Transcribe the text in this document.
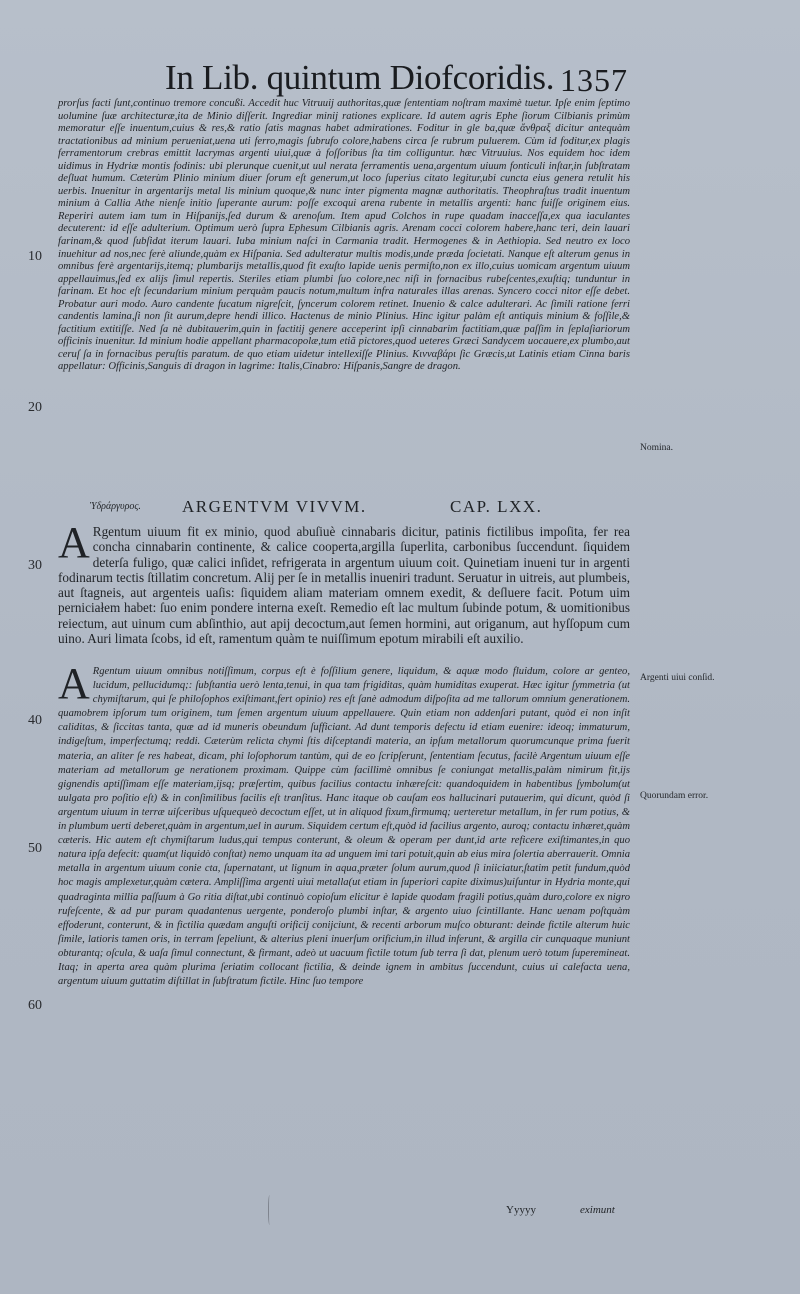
In Lib. quintum Diofcoridis. 1357
10
20
30
40
50
60
prorſus facti ſunt,continuo tremore concußi. Accedit huc Vitruuij authoritas,quæ ſententiam noſtram maximè tuetur. Ipſe enim ſeptimo uolumine ſuæ architecturæ,ita de Minio diſſerit. Ingrediar minij rationes explicare. Id autem agris Ephe ſiorum Cilbianis primùm memoratur eſſe inuentum,cuius & res,& ratio ſatis magnas habet admirationes. Foditur in gle ba,quæ ἄνθραξ dicitur antequàm tractationibus ad minium perueniat,uena uti ferro,magis ſubrufo colore,habens circa ſe rubrum puluerem. Cùm id foditur,ex plagis ferramentorum crebras emittit lacrymas argenti uiui,quæ à foſſoribus ſta tim colliguntur. hæc Vitruuius. Nos equidem hoc idem uidimus in Hydriæ montis fodinis: ubi plerunque cuenit,ut uul nerata ferramentis uena,argentum uiuum fonticuli inſtar,in ſubſtratam deſluat humum. Cæterùm Plinio minium diuer ſorum eſt generum,ut loco ſuperius citato legitur,ubi cuncta eius genera retulit his uerbis. Inuenitur in argentarijs metal lis minium quoque,& nunc inter pigmenta magnæ authoritatis. Theophraſtus tradit inuentum minium à Callia Athe nienſe initio ſuperante aurum: poſſe excoqui arena rubente in metallis argenti: hanc fuiſſe originem eius. Reperiri autem iam tum in Hiſpanijs,ſed durum & arenoſum. Item apud Colchos in rupe quadam inacceſſa,ex qua iaculantes decuterent: id eſſe adulterium. Optimum uerò ſupra Ephesum Cilbianis agris. Arenam cocci colorem habere,hanc teri, dein lauari farinam,& quod ſubſidat iterum lauari. Iuba minium naſci in Carmania tradit. Hermogenes & in Aethiopia. Sed neutro ex loco inuehitur ad nos,nec ferè aliunde,quàm ex Hiſpania. Sed adulteratur multis modis,unde præda ſocietati. Nanque eſt alterum genus in omnibus ferè argentarijs,itemq; plumbarijs metallis,quod fit exuſto lapide uenis permiſto,non ex illo,cuius uomicam argentum uiuum appellauimus,ſed ex alijs ſimul repertis. Steriles etiam plumbi ſuo colore,nec niſi in fornacibus rubeſcentes,exuſtiq; tunduntur in farinam. Et hoc eſt ſecundarium minium perquàm paucis notum,multum infra naturales illas arenas. Syncero cocci nitor eſſe debet. Probatur auri modo. Auro candente fucatum nigreſcit, ſyncerum colorem retinet. Inuenio & calce adulterari. Ac ſimili ratione ferri candentis lamina,ſi non ſit aurum,depre hendi illico. Hactenus de minio Plinius. Hinc igitur palàm eſt antiquis minium & foſſile,& factitium extitiſſe. Ned ſa nè dubitauerim,quin in factitij genere acceperint ipſi cinnabarim factitiam,quæ paſſim in ſeplaſiariorum officinis inuenitur. Id minium hodie appellant pharmacopolæ,tum etiã pictores,quod ueteres Græci Sandycem uocauere,ex plumbo,aut ceruſ ſa in fornacibus peruſtis paratum. de quo etiam uidetur intellexiſſe Plinius. Κινναβάρι ſic Græcis,ut Latinis etiam Cinna baris appellatur: Officinis,Sanguis di dragon in lagrime: Italis,Cinabro: Hiſpanis,Sangre de dragon.
Nomina.
Ὑδράργυρος. ARGENTVM VIVVM.	CAP. LXX.
A Rgentum uiuum fit ex minio, quod abuſiuè cinnabaris dicitur, patinis fictilibus impoſita, fer rea concha cinnabarin continente, & calice coopertа,argilla ſuperlita, carbonibus ſuccendunt. ſiquidem deterſa fuligo, quæ calici inſidet, refrigerata in argentum uiuum coit. Quinetiam inueni tur in argenti fodinarum tectis ſtillatim concretum. Alij per ſe in metallis inueniri tradunt. Seruatur in uitreis, aut plumbeis, aut ſtagneis, aut argenteis uaſis: ſiquidem aliam materiam omnem exedit, & deſluere facit. Potum uim perniciałem habet: ſuo enim pondere interna exeſt. Remedio eſt lac multum ſubinde potum, & uomitionibus reiectum, aut uinum cum abſinthio, aut apij decoctum,aut ſemen hormini, aut origanum, aut hyſſopum cum uino. Auri limata ſcobs, id eſt, ramentum quàm te nuiſſimum epotum mirabili eſt auxilio.
A Rgentum uiuum omnibus notiſſimum, corpus eſt è foſſilium genere, liquidum, & aquæ modo fluidum, colore ar genteo, lucidum, pellucidumq;: ſubſtantia uerò lenta,tenui, in qua tam frigiditas, quàm humiditas exuperat. Hæc igitur ſymmetria (ut chymiſtarum, qui ſe philoſophos exiſtimant,fert opinio) res eſt ſanè admodum diſpoſita ad me tallorum omnium generationem. quamobrem ipſorum tum originem, tum ſemen argentum uiuum appellauere. Quin etiam non addenſari putant, quòd ei non inſit caliditas, & ſiccitas tanta, quæ ad id muneris obeundum ſufficiant. Ad dunt temporis defectu id etiam euenire: ideoq; immaturum, indigeſtum, imperfectumq; reddi. Cæterùm relicta chymi ſtis diſceptandi materia, an ipſum metallorum quorumcunque prima fuerit materia, an aliter ſe res habeat, dicam, phi loſophorum tantùm, qui de eo ſcripſerunt, ſententiam ſecutus, facilè Argentum uiuum eſſe materiam ad metallorum ge nerationem proximam. Quippe cùm facillimè omnibus ſe coniungat metallis,palàm nimirum fit,ijs gignendis aptiſſimam eſſe materiam,ijsq; præſertim, quibus facilius contactu inhæreſcit: quandoquidem in habentibus ſymbolum(ut uulgata pro poſitio eſt) & in conſimilibus facilis eſt tranſitus. Hanc itaque ob cauſam eos hallucinari putauerim, qui dicunt, quòd ſi argentum uiuum in terræ uiſceribus uſquequeò decoctum eſſet, ut in aliquod fixum,firmumq; uerteretur metallum, in fer rum potius, & in plumbum uerti deberet,quàm in argentum,uel in aurum. Siquidem certum eſt,quòd id facilius argento, auroq; contactu inhæret,quàm cæteris. Hic autem eſt chymiſtarum ludus,qui tempus conterunt, & oleum & operam per dunt,id arte reficere exiſtimantes,in quo natura ipſa defecit: quam(ut liquidò conſtat) nemo unquam ita ad unguem imi tari potuit,quin ab eius mira ſolertia aberrauerit. Omnia metalla in argentum uiuum conie cta, ſupernatant, ut lignum in aqua,præter ſolum aurum,quod ſi iniiciatur,ſtatim petit fundum,quòd hoc magis amplexetur,quàm cætera. Ampliſſima argenti uiui metalla(ut etiam in ſuperiori capite diximus)uiſuntur in Hydria monte,qui quadraginta millia paſſuum à Go ritia diſtat,ubi continuò copioſum elicitur è lapide quodam fragili potius,quàm duro,colore ex nigro rufeſcente, & ad pur puram quadantenus uergente, ponderoſo plumbi inſtar, & argento uiuo ſcintillante. Hanc uenam poſtquàm effoderunt, conterunt, & in fictilia quædam anguſti orificij conijciunt, & recenti arborum muſco obturant: deinde fictile alterum huic ſimile, latioris tamen oris, in terram ſepeliunt, & alterius pleni inuerſum orificium,in illud inferunt, & argilla cir cunquaque muniunt obturantq; oſcula, & uaſa ſimul connectunt, & firmant, adeò ut uacuum fictile totum ſub terra ſi dat, plenum uerò totum ſupereminеat. Itaq; in aperta area quàm plurima ſeriatim collocant fictilia, & deinde ignem in ambitus ſuccendunt, cuius ui calefacta uena, argentum uiuum guttatim diſtillat in ſubſtratum fictile. Hinc ſuo tempore
Argenti uiui conſid.
Quorundam error.
Yyyyy	eximunt
